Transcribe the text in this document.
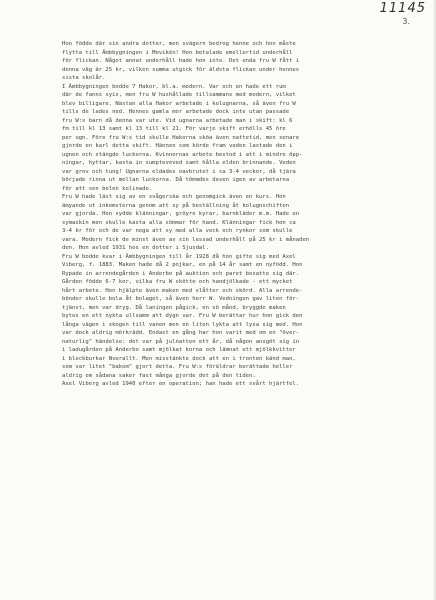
11145
3.
Hon födde där sin andra dotter, men svägern bedrog henne och hon måste
flytta till Ämbbygningen i Movikën! Hon betalade emellertid underhåll
för flickan. Något annat underhåll hade hon inte. Det enda fru W fått i
denna väg är 25 kr, vilken summa utgick för äldsta flickan under hennes
sista skolår.
I Ämbbygningen bodde 7 Hakor, bl.a. modern. Var och en hade ett rum
där de fanns syis, men fru W hushållade tillsammans med modern, vilket
blev billigare. Nästan alla Hakor arbetade i kolugnarna, så även fru W
tills de lades ned. Hennes gamla mor arbetade dock inte utan passade
fru W:s barn då denna var ute. Vid ugnarna arbetade man i skift: kl 6
fm till kl 13 samt kl 13 till kl 21. För varje skift erhölls 45 öre
per ugn. Före fru W:s tid skulle Hakorna sköa även nattetid, men senare
gjorde en karl detta skift. Hännen som körde fram veden lastade den i
ugnen och stängde luckorna. Kvinnornas arbete bestod i att i mindre öpp-
ningar, hyttar, kasta in sumpteveved samt hålla elden brinnande. Veden
var grov och tung! Ugnarna eldades oavbrutet i ca 3-4 veckor, då tjära
började rinna ut mellan luckorna. Då tömmdes desen igen av arbetarna
för att sen bolen kolinade.
Fru W hade läst sig av en svågerska och genomgick även en kurs. Hon
ämyande ut inkomsterna genom att sy på beställning åt kolugnschiften
var gjorda. Hon sydde klänningar, gröyre kyrar, barnkläder m.m. Hade en
symaskin men skulle kasta alla sömmar för hand. Klänningar fick hon ca
3-4 kr för och de var noga att sy med alla veck och rynkor som skulle
vara. Modern fick de minst även av sin lessad underhåll på 25 kr i månaden
den. Hon avled 1931 hos en dotter i Sjusdal.
Fru W bodde kvar i Ämbbygningen till år 1928 då hon gifte sig med Axel
Viberg, f. 1883. Maken hade då 2 pojkar, en på 14 år samt en nyfödd. Hon
Rypade in arrendegården i Anderbo på auktion och paret bosatte sig där.
Gården födde 6-7 kor, vilka fru W skötte och handjölkade - ett mycket
hårt arbete. Hon hjälpte även maken med slåtter och skörd. Alla arrende-
bönder skulle bola åt bolaget, så även herr W. Vedningen gav liten för-
tjänst, men var dryg. Då laningen pågick, en sö månd, bryggde maken
bytes en ett nykta ullsamm att dygn var. Fru W berättar hur hon gick den
långa vägen i skogen till vanen men en liten lykta att lysa sig med. Hon
var dock aldrig mörkrädd. Endast en gång har hon varit med om en "över-
naturlig" händelse: det var på julnatten ett år, då någon ansgöt sig in
i ladugården på Anderbo samt mjölkat korna och lämnat ett mjölkkvitter
i bleckburkar Nverallt. Men misstänkte dock att en i tronten känd man,
som var litet "bakom" gjort detta. Fru W:s föräldrar berättade heller
aldrig om sådana saker fast många gjorde det på den tiden.
Axel Viberg avled 1940 efter en operation; han hade ett svårt hjärtfel.
